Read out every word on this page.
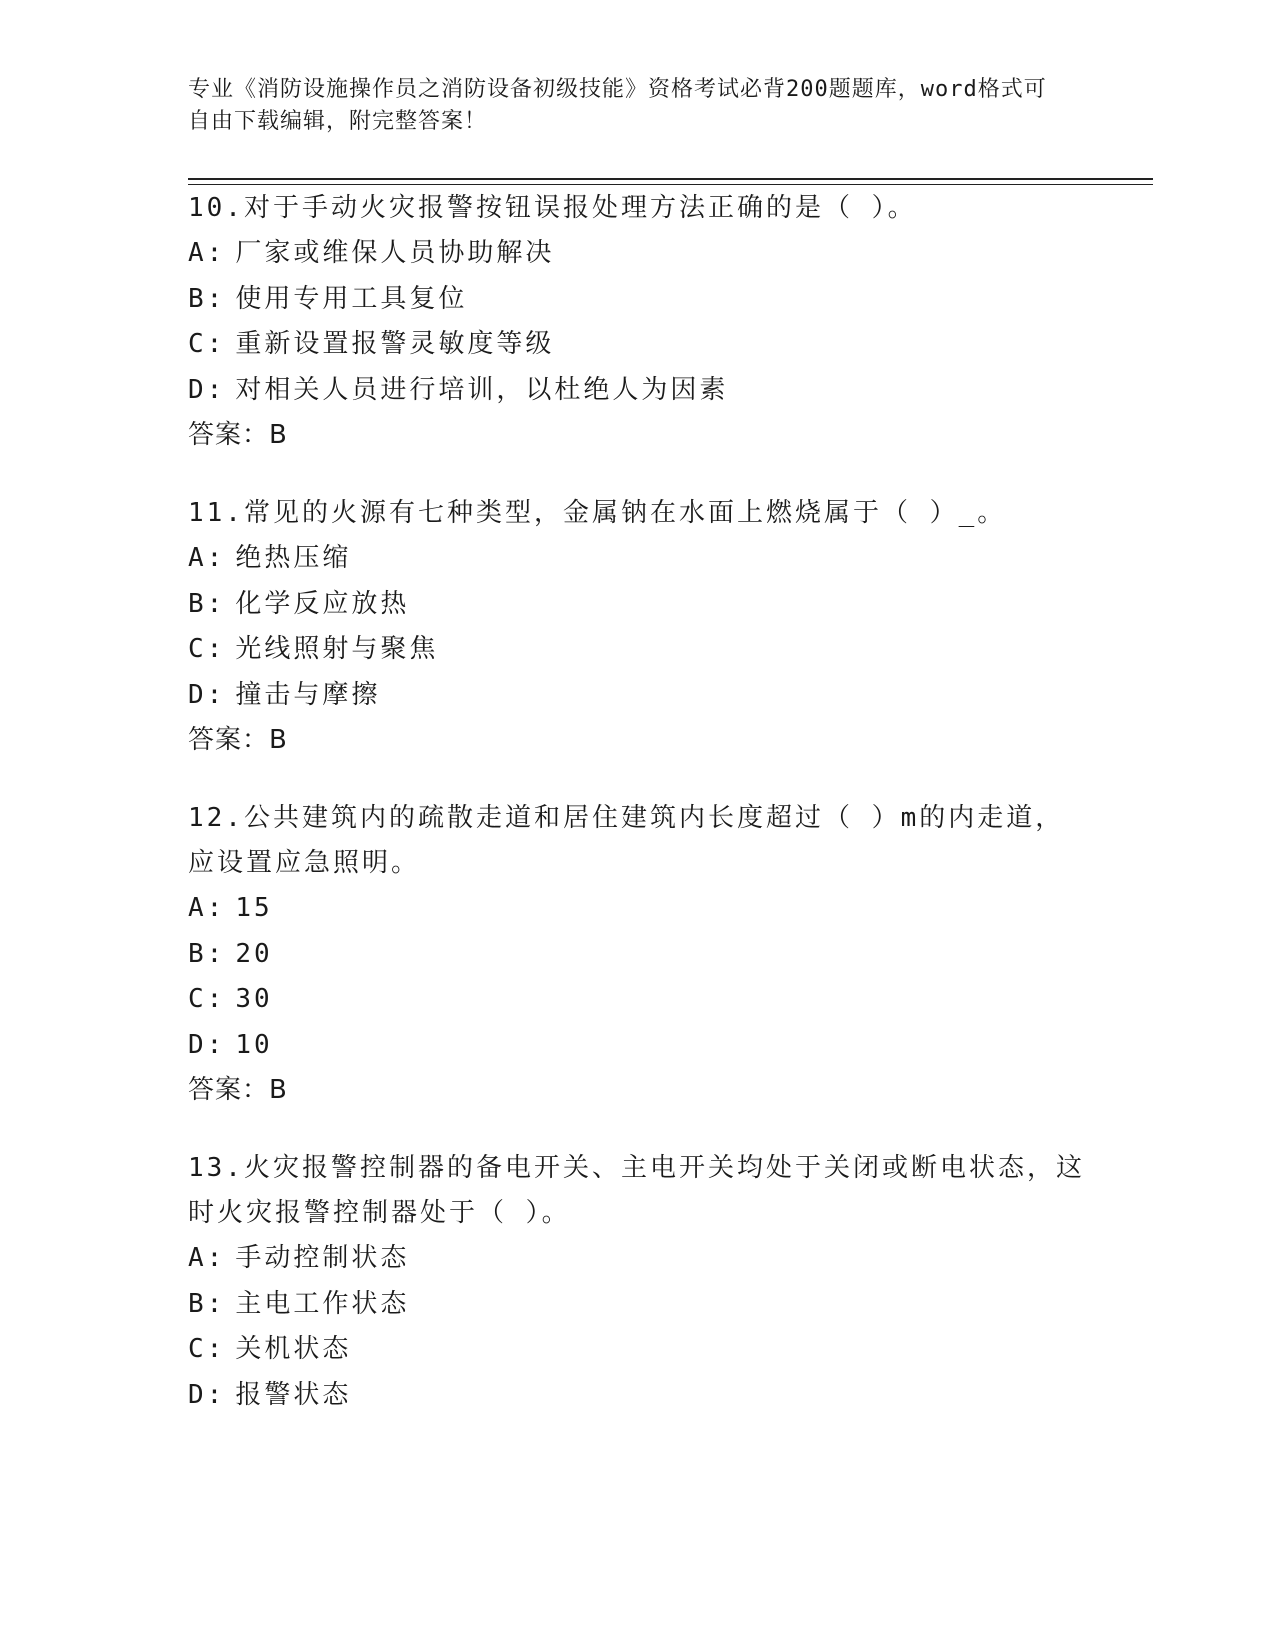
专业《消防设施操作员之消防设备初级技能》资格考试必背200题题库，word格式可自由下载编辑，附完整答案！
10.对于手动火灾报警按钮误报处理方法正确的是（ ）。
A: 厂家或维保人员协助解决
B: 使用专用工具复位
C: 重新设置报警灵敏度等级
D: 对相关人员进行培训，以杜绝人为因素
答案：B
11.常见的火源有七种类型，金属钠在水面上燃烧属于（ ）_。
A: 绝热压缩
B: 化学反应放热
C: 光线照射与聚焦
D: 撞击与摩擦
答案：B
12.公共建筑内的疏散走道和居住建筑内长度超过（ ）m的内走道，应设置应急照明。
A: 15
B: 20
C: 30
D: 10
答案：B
13.火灾报警控制器的备电开关、主电开关均处于关闭或断电状态，这时火灾报警控制器处于（ ）。
A: 手动控制状态
B: 主电工作状态
C: 关机状态
D: 报警状态
